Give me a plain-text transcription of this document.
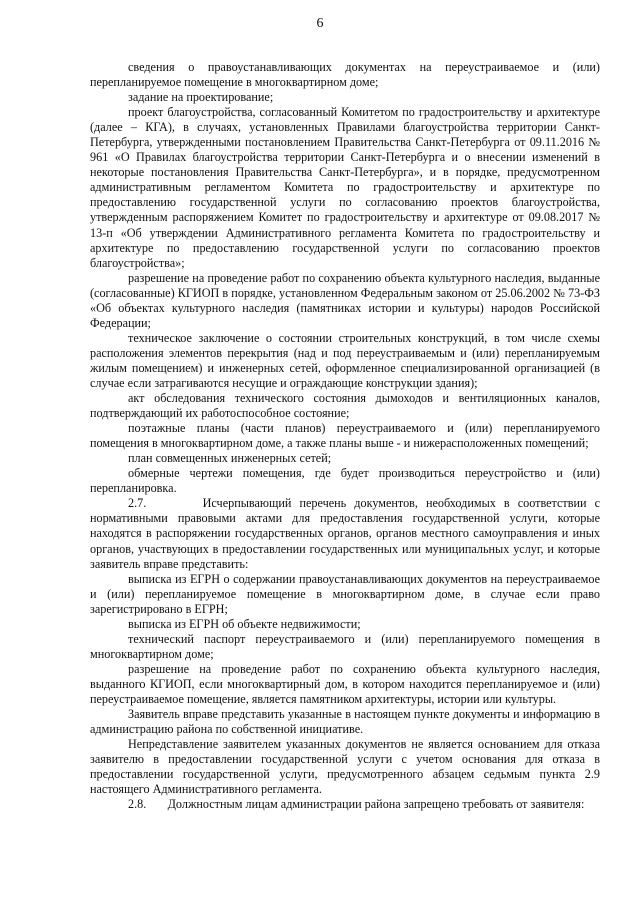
6

сведения о правоустанавливающих документах на переустраиваемое и (или) перепланируемое помещение в многоквартирном доме;

задание на проектирование;

проект благоустройства, согласованный Комитетом по градостроительству и архитектуре (далее – КГА), в случаях, установленных Правилами благоустройства территории Санкт-Петербурга, утвержденными постановлением Правительства Санкт-Петербурга от 09.11.2016 № 961 «О Правилах благоустройства территории Санкт-Петербурга и о внесении изменений в некоторые постановления Правительства Санкт-Петербурга», и в порядке, предусмотренном административным регламентом Комитета по градостроительству и архитектуре по предоставлению государственной услуги по согласованию проектов благоустройства, утвержденным распоряжением Комитет по градостроительству и архитектуре от 09.08.2017 № 13-п «Об утверждении Административного регламента Комитета по градостроительству и архитектуре по предоставлению государственной услуги по согласованию проектов благоустройства»;

разрешение на проведение работ по сохранению объекта культурного наследия, выданные (согласованные) КГИОП в порядке, установленном Федеральным законом от 25.06.2002 № 73-ФЗ «Об объектах культурного наследия (памятниках истории и культуры) народов Российской Федерации;

техническое заключение о состоянии строительных конструкций, в том числе схемы расположения элементов перекрытия (над и под переустраиваемым и (или) перепланируемым жилым помещением) и инженерных сетей, оформленное специализированной организацией (в случае если затрагиваются несущие и ограждающие конструкции здания);

акт обследования технического состояния дымоходов и вентиляционных каналов, подтверждающий их работоспособное состояние;

поэтажные планы (части планов) переустраиваемого и (или) перепланируемого помещения в многоквартирном доме, а также планы выше - и нижерасположенных помещений;

план совмещенных инженерных сетей;

обмерные чертежи помещения, где будет производиться переустройство и (или) перепланировка.

2.7.	Исчерпывающий перечень документов, необходимых в соответствии с нормативными правовыми актами для предоставления государственной услуги, которые находятся в распоряжении государственных органов, органов местного самоуправления и иных органов, участвующих в предоставлении государственных или муниципальных услуг, и которые заявитель вправе представить:

выписка из ЕГРН о содержании правоустанавливающих документов на переустраиваемое и (или) перепланируемое помещение в многоквартирном доме, в случае если право зарегистрировано в ЕГРН;

выписка из ЕГРН об объекте недвижимости;

технический паспорт переустраиваемого и (или) перепланируемого помещения в многоквартирном доме;

разрешение на проведение работ по сохранению объекта культурного наследия, выданного КГИОП, если многоквартирный дом, в котором находится перепланируемое и (или) переустраиваемое помещение, является памятником архитектуры, истории или культуры.

Заявитель вправе представить указанные в настоящем пункте документы и информацию в администрацию района по собственной инициативе.

Непредставление заявителем указанных документов не является основанием для отказа заявителю в предоставлении государственной услуги с учетом основания для отказа в предоставлении государственной услуги, предусмотренного абзацем седьмым пункта 2.9 настоящего Административного регламента.

2.8. Должностным лицам администрации района запрещено требовать от заявителя:
